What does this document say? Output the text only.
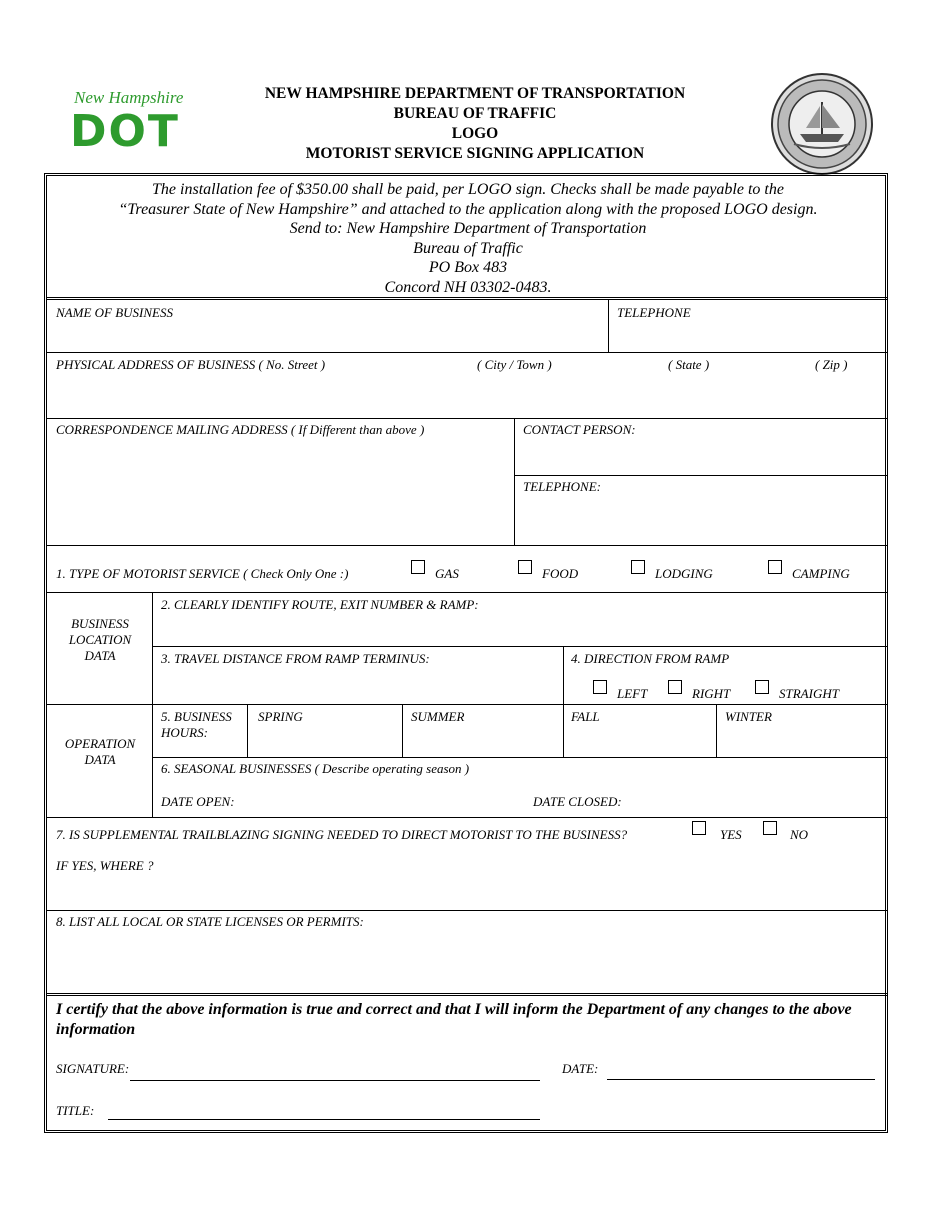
New Hampshire
DOT
NEW HAMPSHIRE DEPARTMENT OF TRANSPORTATION
BUREAU OF TRAFFIC
LOGO
MOTORIST SERVICE SIGNING APPLICATION
The installation fee of $350.00 shall be paid, per LOGO sign. Checks shall be made payable to the
“Treasurer State of New Hampshire” and attached to the application along with the proposed LOGO design.
Send to: New Hampshire Department of Transportation
Bureau of Traffic
PO Box 483
Concord NH 03302-0483.
NAME OF BUSINESS	TELEPHONE
PHYSICAL ADDRESS OF BUSINESS ( No. Street )	( City / Town )	( State )	( Zip )
CORRESPONDENCE MAILING ADDRESS ( If Different than above )	CONTACT PERSON:
TELEPHONE:
1. TYPE OF MOTORIST SERVICE ( Check Only One :)	GAS	FOOD	LODGING	CAMPING
BUSINESS
LOCATION
DATA
2. CLEARLY IDENTIFY ROUTE, EXIT NUMBER & RAMP:
3. TRAVEL DISTANCE FROM RAMP TERMINUS:	4. DIRECTION FROM RAMP
LEFT	RIGHT	STRAIGHT
OPERATION
DATA
5. BUSINESS
HOURS:
SPRING	SUMMER	FALL	WINTER
6. SEASONAL BUSINESSES ( Describe operating season )
DATE OPEN:	DATE CLOSED:
7. IS SUPPLEMENTAL TRAILBLAZING SIGNING NEEDED TO DIRECT MOTORIST TO THE BUSINESS?	YES	NO
IF YES, WHERE ?
8. LIST ALL LOCAL OR STATE LICENSES OR PERMITS:
I certify that the above information is true and correct and that I will inform the Department of any changes to the above information
SIGNATURE:	DATE:
TITLE:
